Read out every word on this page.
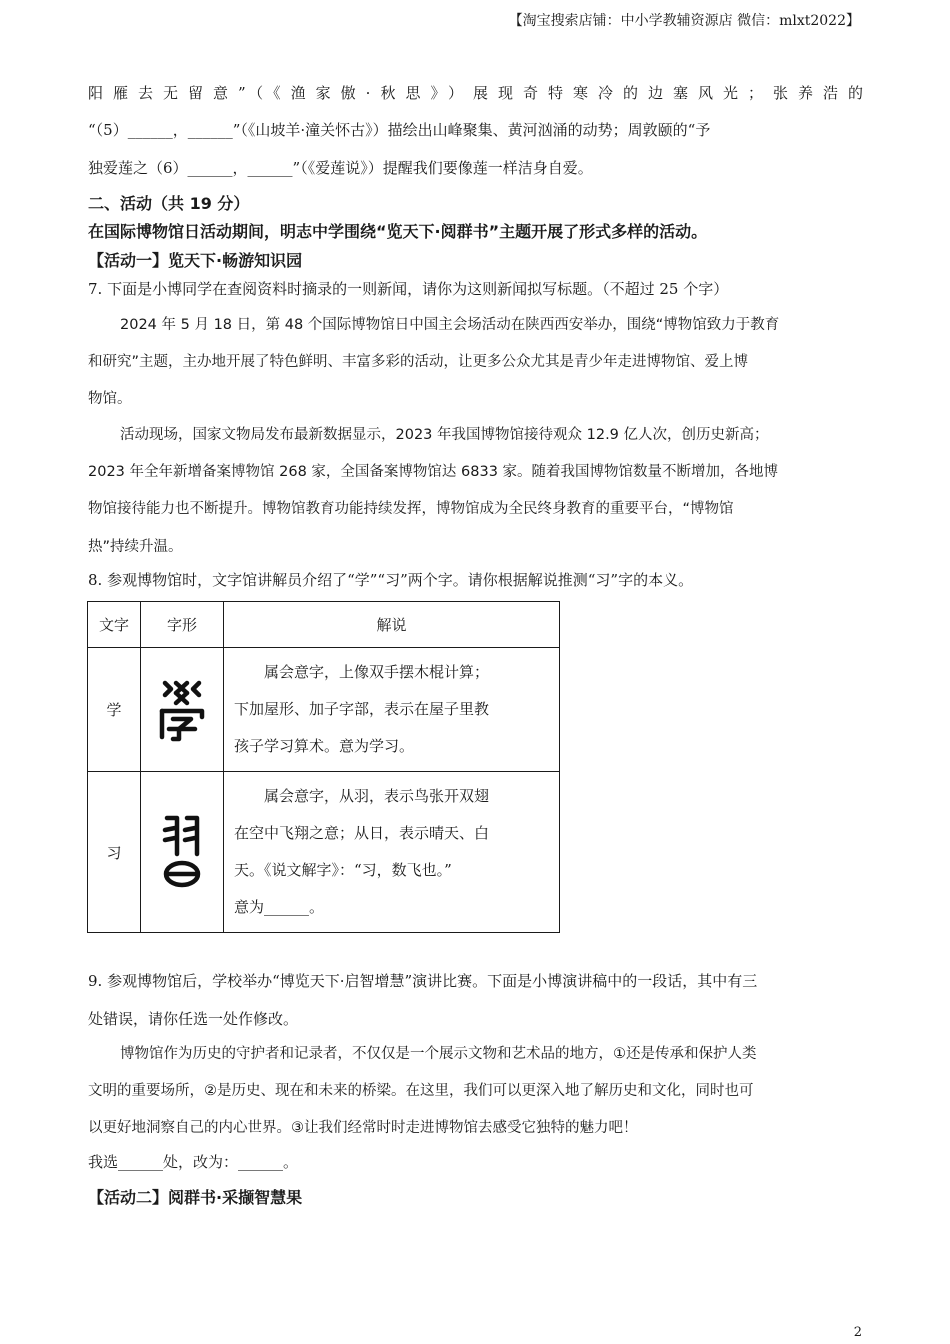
【淘宝搜索店铺：中小学教辅资源店 微信：mlxt2022】

阳雁去无留意”（《渔家傲·秋思》）展现奇特寒冷的边塞风光；张养浩的

“（5）______，______”（《山坡羊·潼关怀古》）描绘出山峰聚集、黄河汹涌的动势；周敦颐的“予

独爱莲之（6）______，______”（《爱莲说》）提醒我们要像莲一样洁身自爱。

二、活动（共 19 分）

在国际博物馆日活动期间，明志中学围绕“览天下·阅群书”主题开展了形式多样的活动。

【活动一】览天下·畅游知识园

7. 下面是小博同学在查阅资料时摘录的一则新闻，请你为这则新闻拟写标题。（不超过 25 个字）

2024 年 5 月 18 日，第 48 个国际博物馆日中国主会场活动在陕西西安举办，围绕“博物馆致力于教育

和研究”主题，主办地开展了特色鲜明、丰富多彩的活动，让更多公众尤其是青少年走进博物馆、爱上博

物馆。

活动现场，国家文物局发布最新数据显示，2023 年我国博物馆接待观众 12.9 亿人次，创历史新高；

2023 年全年新增备案博物馆 268 家，全国备案博物馆达 6833 家。随着我国博物馆数量不断增加，各地博

物馆接待能力也不断提升。博物馆教育功能持续发挥，博物馆成为全民终身教育的重要平台，“博物馆

热”持续升温。

8. 参观博物馆时，文字馆讲解员介绍了“学”“习”两个字。请你根据解说推测“习”字的本义。

文字	字形	解说
学		属会意字，上像双手摆木棍计算；

下加屋形、加子字部，表示在屋子里教

孩子学习算术。意为学习。

习		属会意字，从羽，表示鸟张开双翅

在空中飞翔之意；从日，表示晴天、白

天。《说文解字》：“习，数飞也。”

意为______。

9. 参观博物馆后，学校举办“博览天下·启智增慧”演讲比赛。下面是小博演讲稿中的一段话，其中有三

处错误，请你任选一处作修改。

博物馆作为历史的守护者和记录者，不仅仅是一个展示文物和艺术品的地方，①还是传承和保护人类

文明的重要场所，②是历史、现在和未来的桥梁。在这里，我们可以更深入地了解历史和文化，同时也可

以更好地洞察自己的内心世界。③让我们经常时时走进博物馆去感受它独特的魅力吧！

我选______处，改为：______。

【活动二】阅群书·采撷智慧果

2
